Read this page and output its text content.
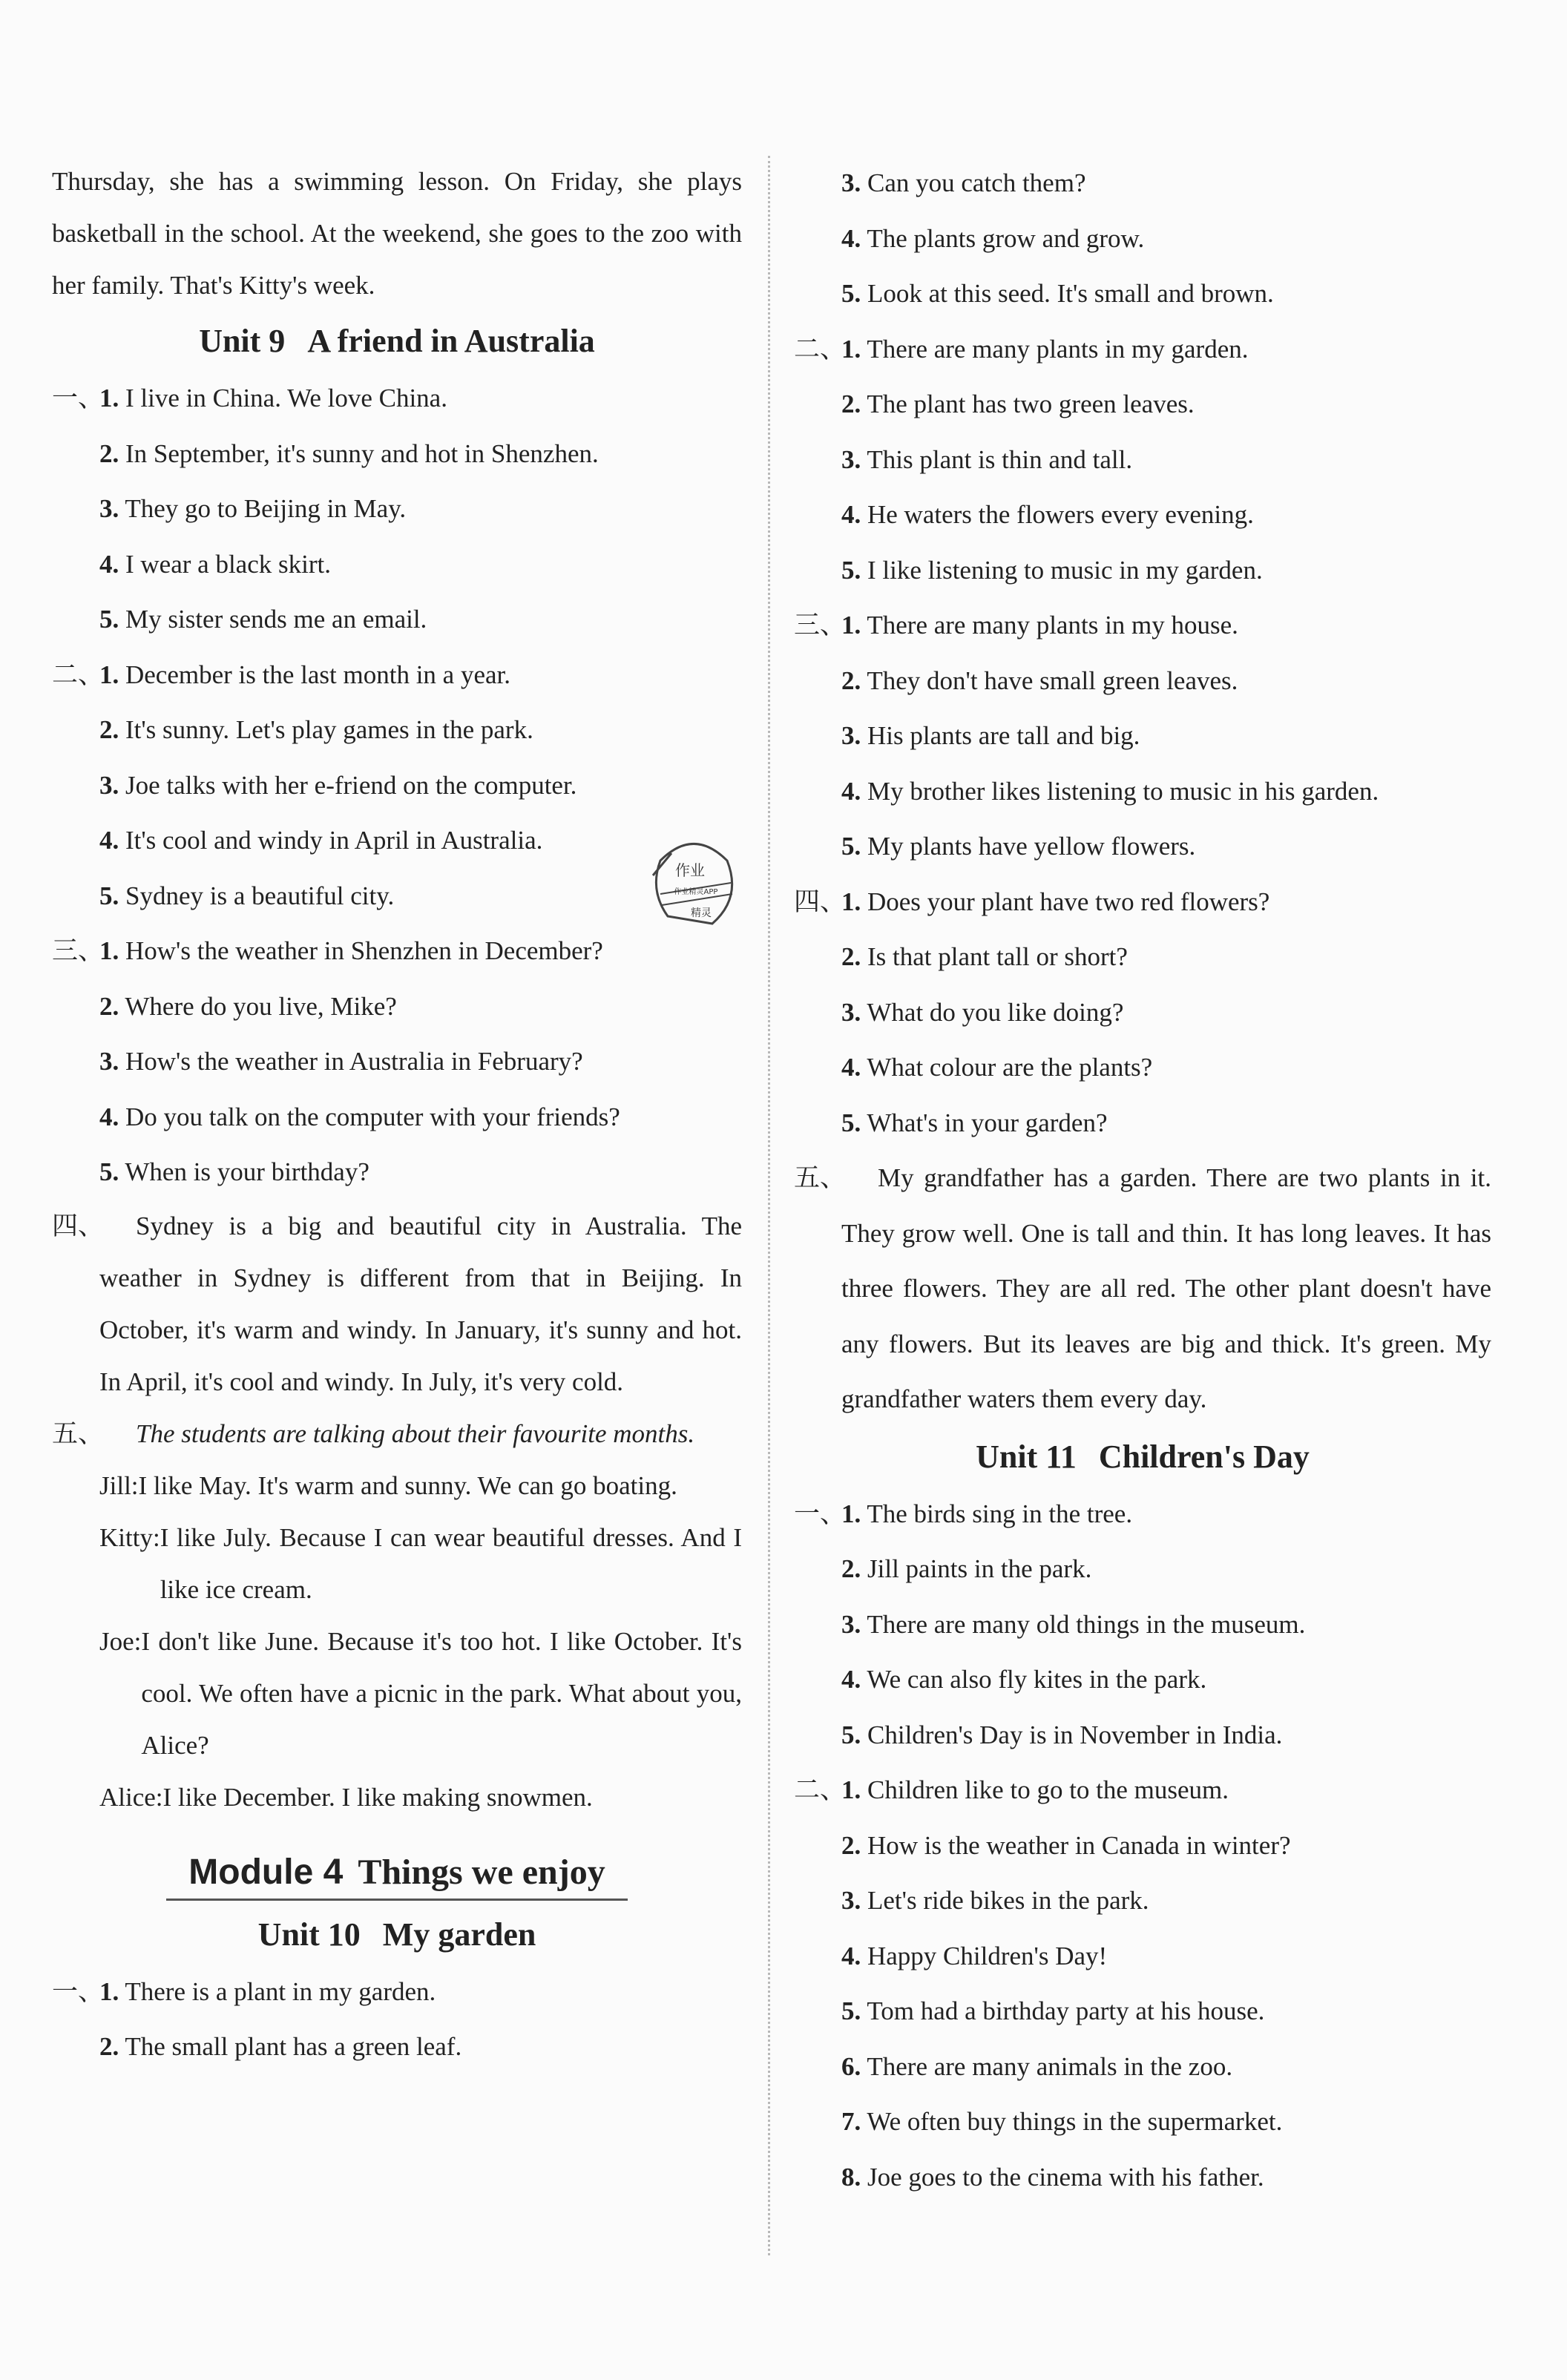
Thursday, she has a swimming lesson. On Friday, she plays basketball in the school. At the weekend, she goes to the zoo with her family. That's Kitty's week.
Unit 9 A friend in Australia
一、1. I live in China. We love China.
2. In September, it's sunny and hot in Shenzhen.
3. They go to Beijing in May.
4. I wear a black skirt.
5. My sister sends me an email.
二、1. December is the last month in a year.
2. It's sunny. Let's play games in the park.
3. Joe talks with her e-friend on the computer.
4. It's cool and windy in April in Australia.
5. Sydney is a beautiful city.
三、1. How's the weather in Shenzhen in December?
2. Where do you live, Mike?
3. How's the weather in Australia in February?
4. Do you talk on the computer with your friends?
5. When is your birthday?
四、	Sydney is a big and beautiful city in Australia. The weather in Sydney is different from that in Beijing. In October, it's warm and windy. In January, it's sunny and hot. In April, it's cool and windy. In July, it's very cold.
五、	The students are talking about their favourite months.
Jill: I like May. It's warm and sunny. We can go boating.
Kitty: I like July. Because I can wear beautiful dresses. And I like ice cream.
Joe: I don't like June. Because it's too hot. I like October. It's cool. We often have a picnic in the park. What about you, Alice?
Alice: I like December. I like making snowmen.
Module 4 Things we enjoy
Unit 10 My garden
一、1. There is a plant in my garden.
2. The small plant has a green leaf.
作业
作业精灵APP
精灵
3. Can you catch them?
4. The plants grow and grow.
5. Look at this seed. It's small and brown.
二、1. There are many plants in my garden.
2. The plant has two green leaves.
3. This plant is thin and tall.
4. He waters the flowers every evening.
5. I like listening to music in my garden.
三、1. There are many plants in my house.
2. They don't have small green leaves.
3. His plants are tall and big.
4. My brother likes listening to music in his garden.
5. My plants have yellow flowers.
四、1. Does your plant have two red flowers?
2. Is that plant tall or short?
3. What do you like doing?
4. What colour are the plants?
5. What's in your garden?
五、	My grandfather has a garden. There are two plants in it. They grow well. One is tall and thin. It has long leaves. It has three flowers. They are all red. The other plant doesn't have any flowers. But its leaves are big and thick. It's green. My grandfather waters them every day.
Unit 11 Children's Day
一、1. The birds sing in the tree.
2. Jill paints in the park.
3. There are many old things in the museum.
4. We can also fly kites in the park.
5. Children's Day is in November in India.
二、1. Children like to go to the museum.
2. How is the weather in Canada in winter?
3. Let's ride bikes in the park.
4. Happy Children's Day!
5. Tom had a birthday party at his house.
6. There are many animals in the zoo.
7. We often buy things in the supermarket.
8. Joe goes to the cinema with his father.
